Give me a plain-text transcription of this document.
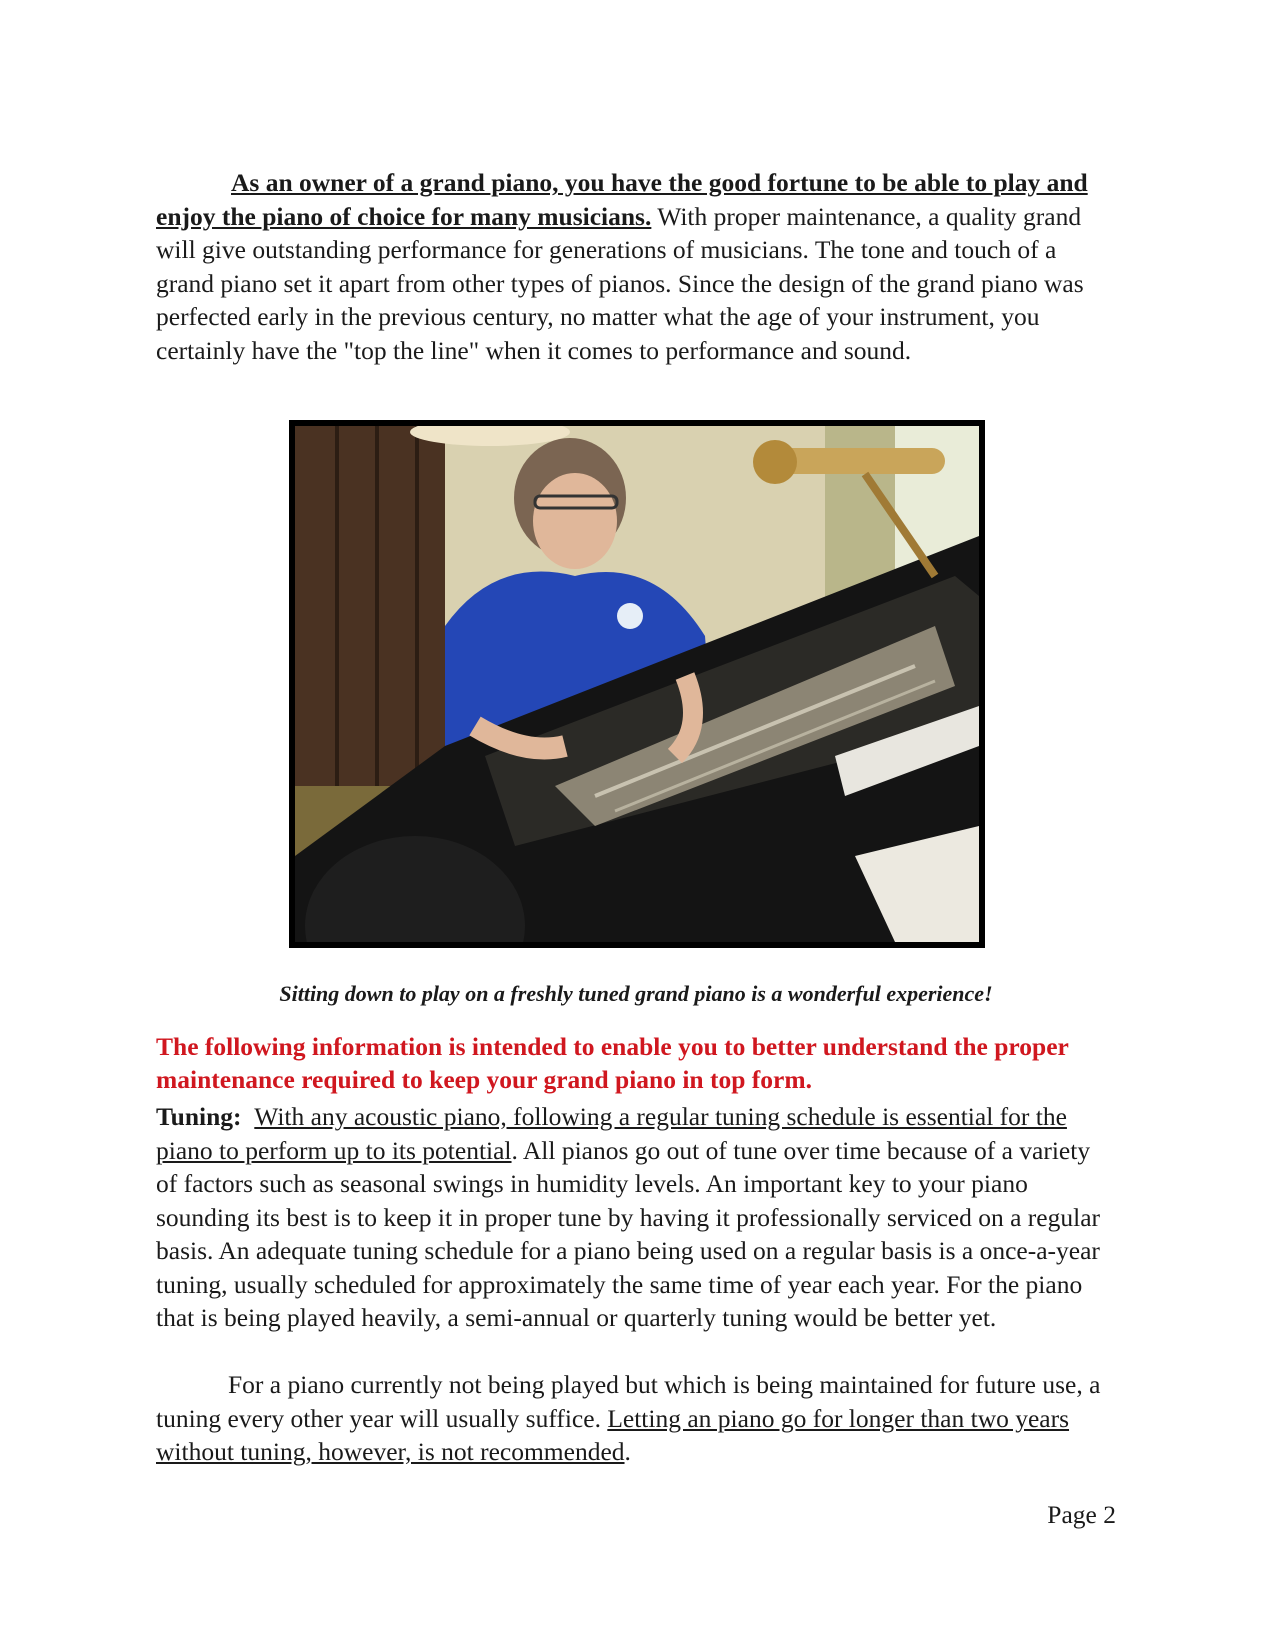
As an owner of a grand piano, you have the good fortune to be able to play and enjoy the piano of choice for many musicians. With proper maintenance, a quality grand will give outstanding performance for generations of musicians. The tone and touch of a grand piano set it apart from other types of pianos. Since the design of the grand piano was perfected early in the previous century, no matter what the age of your instrument, you certainly have the "top the line" when it comes to performance and sound.

Sitting down to play on a freshly tuned grand piano is a wonderful experience!

The following information is intended to enable you to better understand the proper maintenance required to keep your grand piano in top form.

Tuning: With any acoustic piano, following a regular tuning schedule is essential for the piano to perform up to its potential. All pianos go out of tune over time because of a variety of factors such as seasonal swings in humidity levels. An important key to your piano sounding its best is to keep it in proper tune by having it professionally serviced on a regular basis. An adequate tuning schedule for a piano being used on a regular basis is a once-a-year tuning, usually scheduled for approximately the same time of year each year. For the piano that is being played heavily, a semi-annual or quarterly tuning would be better yet.

For a piano currently not being played but which is being maintained for future use, a tuning every other year will usually suffice. Letting an piano go for longer than two years without tuning, however, is not recommended.

Page 2
